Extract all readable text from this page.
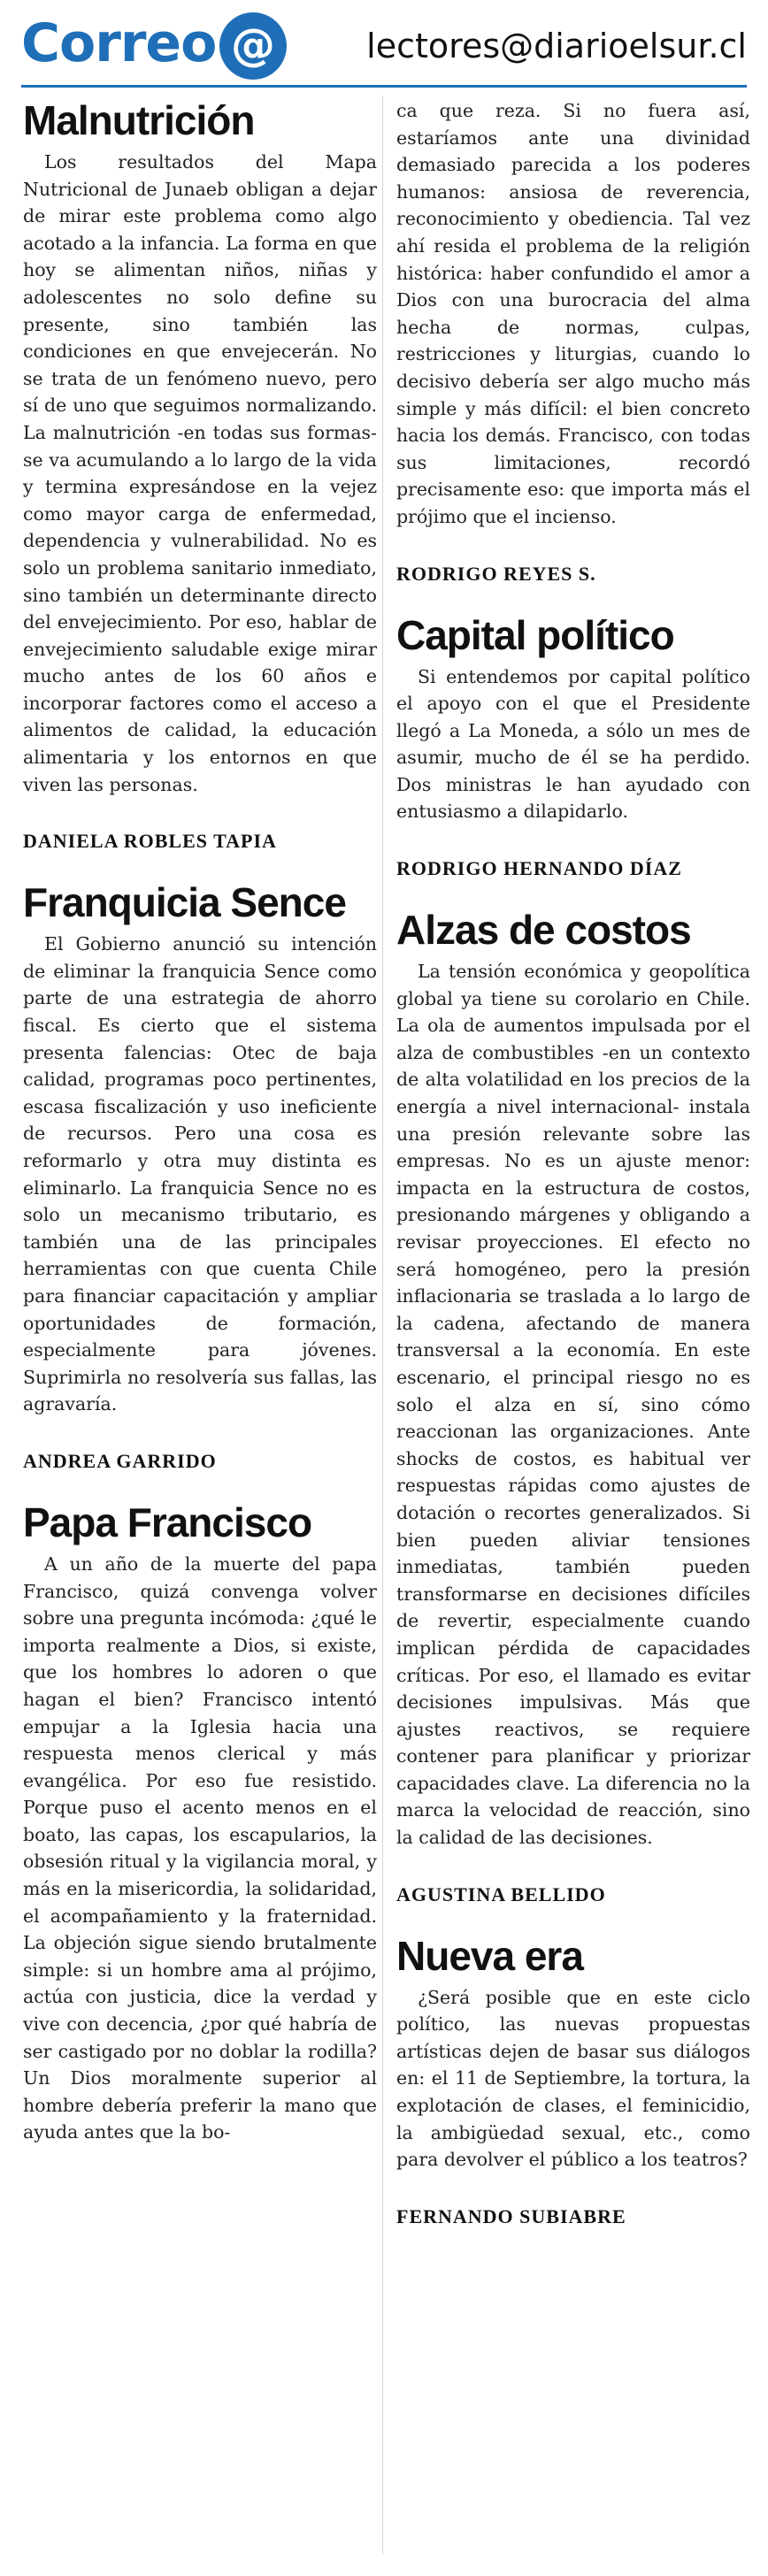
Correo @	lectores@diarioelsur.cl
Malnutrición

Los resultados del Mapa Nutricional de Junaeb obligan a dejar de mirar este problema como algo acotado a la infancia. La forma en que hoy se alimentan niños, niñas y adolescentes no solo define su presente, sino también las condiciones en que envejecerán. No se trata de un fenómeno nuevo, pero sí de uno que seguimos normalizando. La malnutrición -en todas sus formas- se va acumulando a lo largo de la vida y termina expresándose en la vejez como mayor carga de enfermedad, dependencia y vulnerabilidad. No es solo un problema sanitario inmediato, sino también un determinante directo del envejecimiento. Por eso, hablar de envejecimiento saludable exige mirar mucho antes de los 60 años e incorporar factores como el acceso a alimentos de calidad, la educación alimentaria y los entornos en que viven las personas.

DANIELA ROBLES TAPIA
Franquicia Sence

El Gobierno anunció su intención de eliminar la franquicia Sence como parte de una estrategia de ahorro fiscal. Es cierto que el sistema presenta falencias: Otec de baja calidad, programas poco pertinentes, escasa fiscalización y uso ineficiente de recursos. Pero una cosa es reformarlo y otra muy distinta es eliminarlo. La franquicia Sence no es solo un mecanismo tributario, es también una de las principales herramientas con que cuenta Chile para financiar capacitación y ampliar oportunidades de formación, especialmente para jóvenes. Suprimirla no resolvería sus fallas, las agravaría.

ANDREA GARRIDO
Papa Francisco

A un año de la muerte del papa Francisco, quizá convenga volver sobre una pregunta incómoda: ¿qué le importa realmente a Dios, si existe, que los hombres lo adoren o que hagan el bien? Francisco intentó empujar a la Iglesia hacia una respuesta menos clerical y más evangélica. Por eso fue resistido. Porque puso el acento menos en el boato, las capas, los escapularios, la obsesión ritual y la vigilancia moral, y más en la misericordia, la solidaridad, el acompañamiento y la fraternidad. La objeción sigue siendo brutalmente simple: si un hombre ama al prójimo, actúa con justicia, dice la verdad y vive con decencia, ¿por qué habría de ser castigado por no doblar la rodilla? Un Dios moralmente superior al hombre debería preferir la mano que ayuda antes que la bo-

ca que reza. Si no fuera así, estaríamos ante una divinidad demasiado parecida a los poderes humanos: ansiosa de reverencia, reconocimiento y obediencia. Tal vez ahí resida el problema de la religión histórica: haber confundido el amor a Dios con una burocracia del alma hecha de normas, culpas, restricciones y liturgias, cuando lo decisivo debería ser algo mucho más simple y más difícil: el bien concreto hacia los demás. Francisco, con todas sus limitaciones, recordó precisamente eso: que importa más el prójimo que el incienso.

RODRIGO REYES S.
Capital político

Si entendemos por capital político el apoyo con el que el Presidente llegó a La Moneda, a sólo un mes de asumir, mucho de él se ha perdido. Dos ministras le han ayudado con entusiasmo a dilapidarlo.

RODRIGO HERNANDO DÍAZ
Alzas de costos

La tensión económica y geopolítica global ya tiene su corolario en Chile. La ola de aumentos impulsada por el alza de combustibles -en un contexto de alta volatilidad en los precios de la energía a nivel internacional- instala una presión relevante sobre las empresas. No es un ajuste menor: impacta en la estructura de costos, presionando márgenes y obligando a revisar proyecciones. El efecto no será homogéneo, pero la presión inflacionaria se traslada a lo largo de la cadena, afectando de manera transversal a la economía. En este escenario, el principal riesgo no es solo el alza en sí, sino cómo reaccionan las organizaciones. Ante shocks de costos, es habitual ver respuestas rápidas como ajustes de dotación o recortes generalizados. Si bien pueden aliviar tensiones inmediatas, también pueden transformarse en decisiones difíciles de revertir, especialmente cuando implican pérdida de capacidades críticas. Por eso, el llamado es evitar decisiones impulsivas. Más que ajustes reactivos, se requiere contener para planificar y priorizar capacidades clave. La diferencia no la marca la velocidad de reacción, sino la calidad de las decisiones.

AGUSTINA BELLIDO
Nueva era

¿Será posible que en este ciclo político, las nuevas propuestas artísticas dejen de basar sus diálogos en: el 11 de Septiembre, la tortura, la explotación de clases, el feminicidio, la ambigüedad sexual, etc., como para devolver el público a los teatros?

FERNANDO SUBIABRE
